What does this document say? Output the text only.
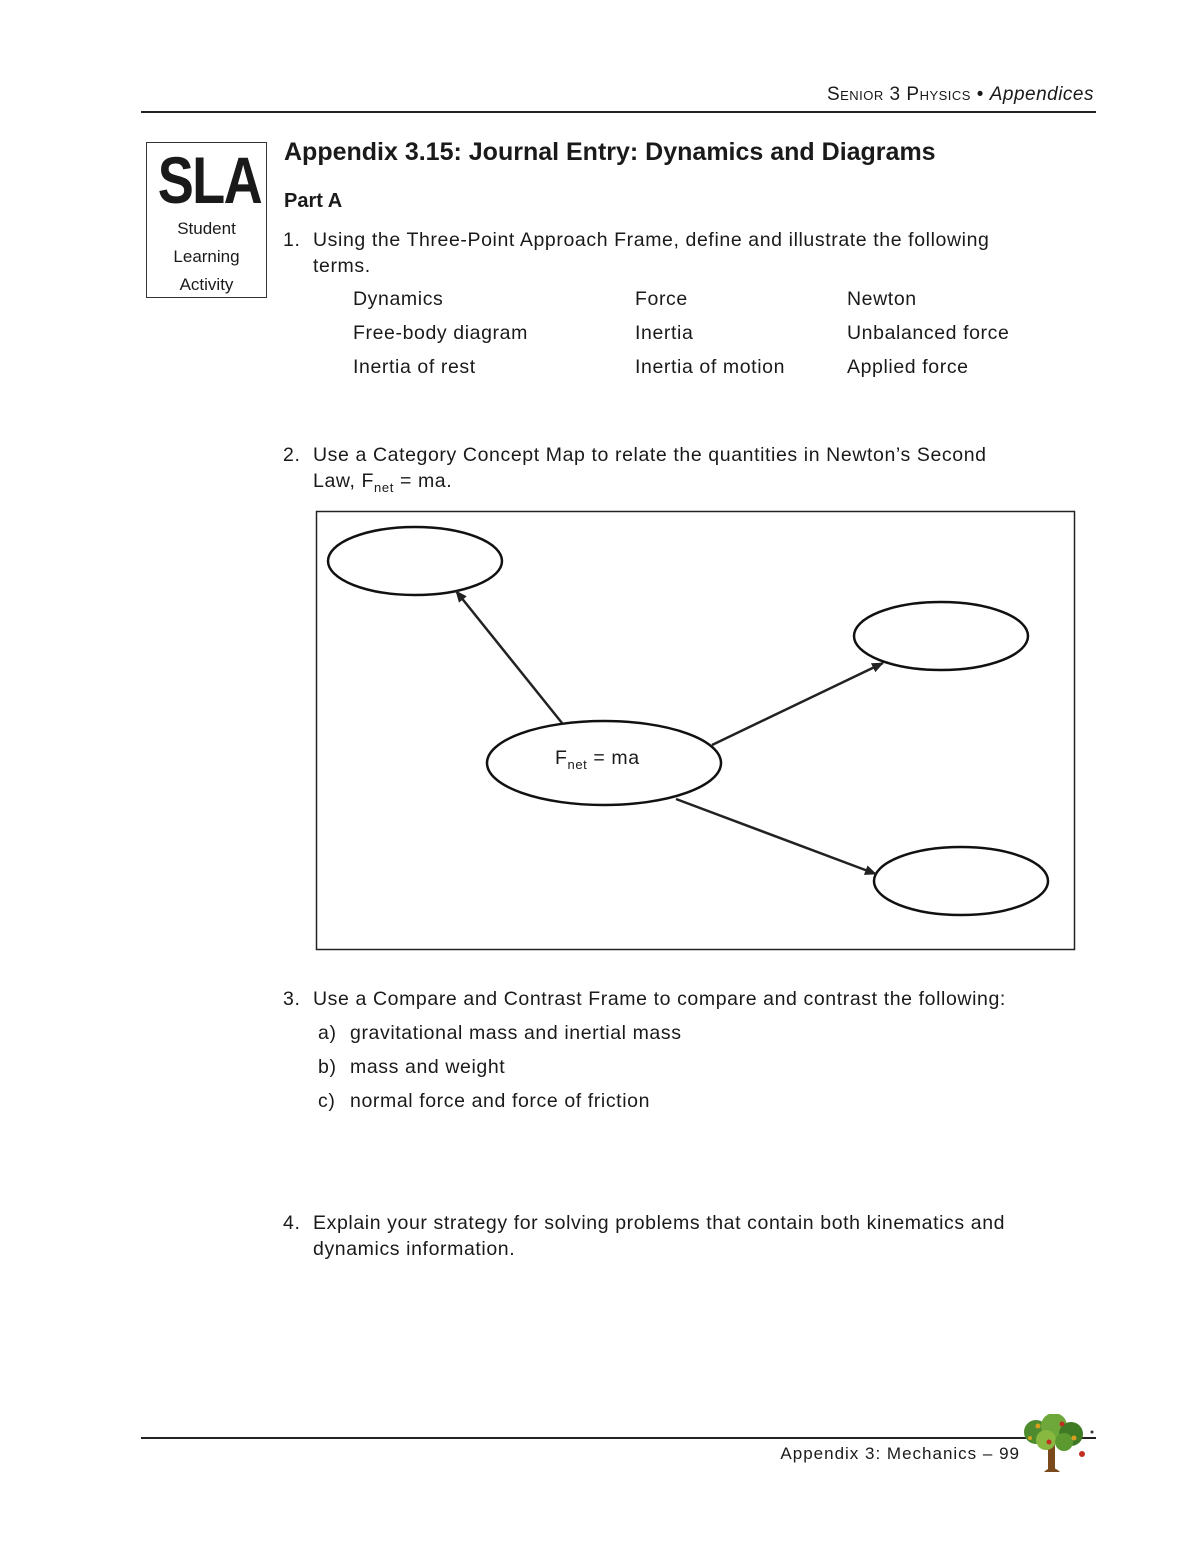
Senior 3 Physics • Appendices
SLA
Student
Learning
Activity
Appendix 3.15: Journal Entry: Dynamics and Diagrams
Part A
1. Using the Three-Point Approach Frame, define and illustrate the following
terms.
Dynamics	Force	Newton
Free-body diagram	Inertia	Unbalanced force
Inertia of rest	Inertia of motion	Applied force
2. Use a Category Concept Map to relate the quantities in Newton’s Second
Law, $F_{net}$ = ma.
$F_{net}$ = ma
3. Use a Compare and Contrast Frame to compare and contrast the following:
a) gravitational mass and inertial mass
b) mass and weight
c) normal force and force of friction
4. Explain your strategy for solving problems that contain both kinematics and
dynamics information.
Appendix 3: Mechanics – 99
